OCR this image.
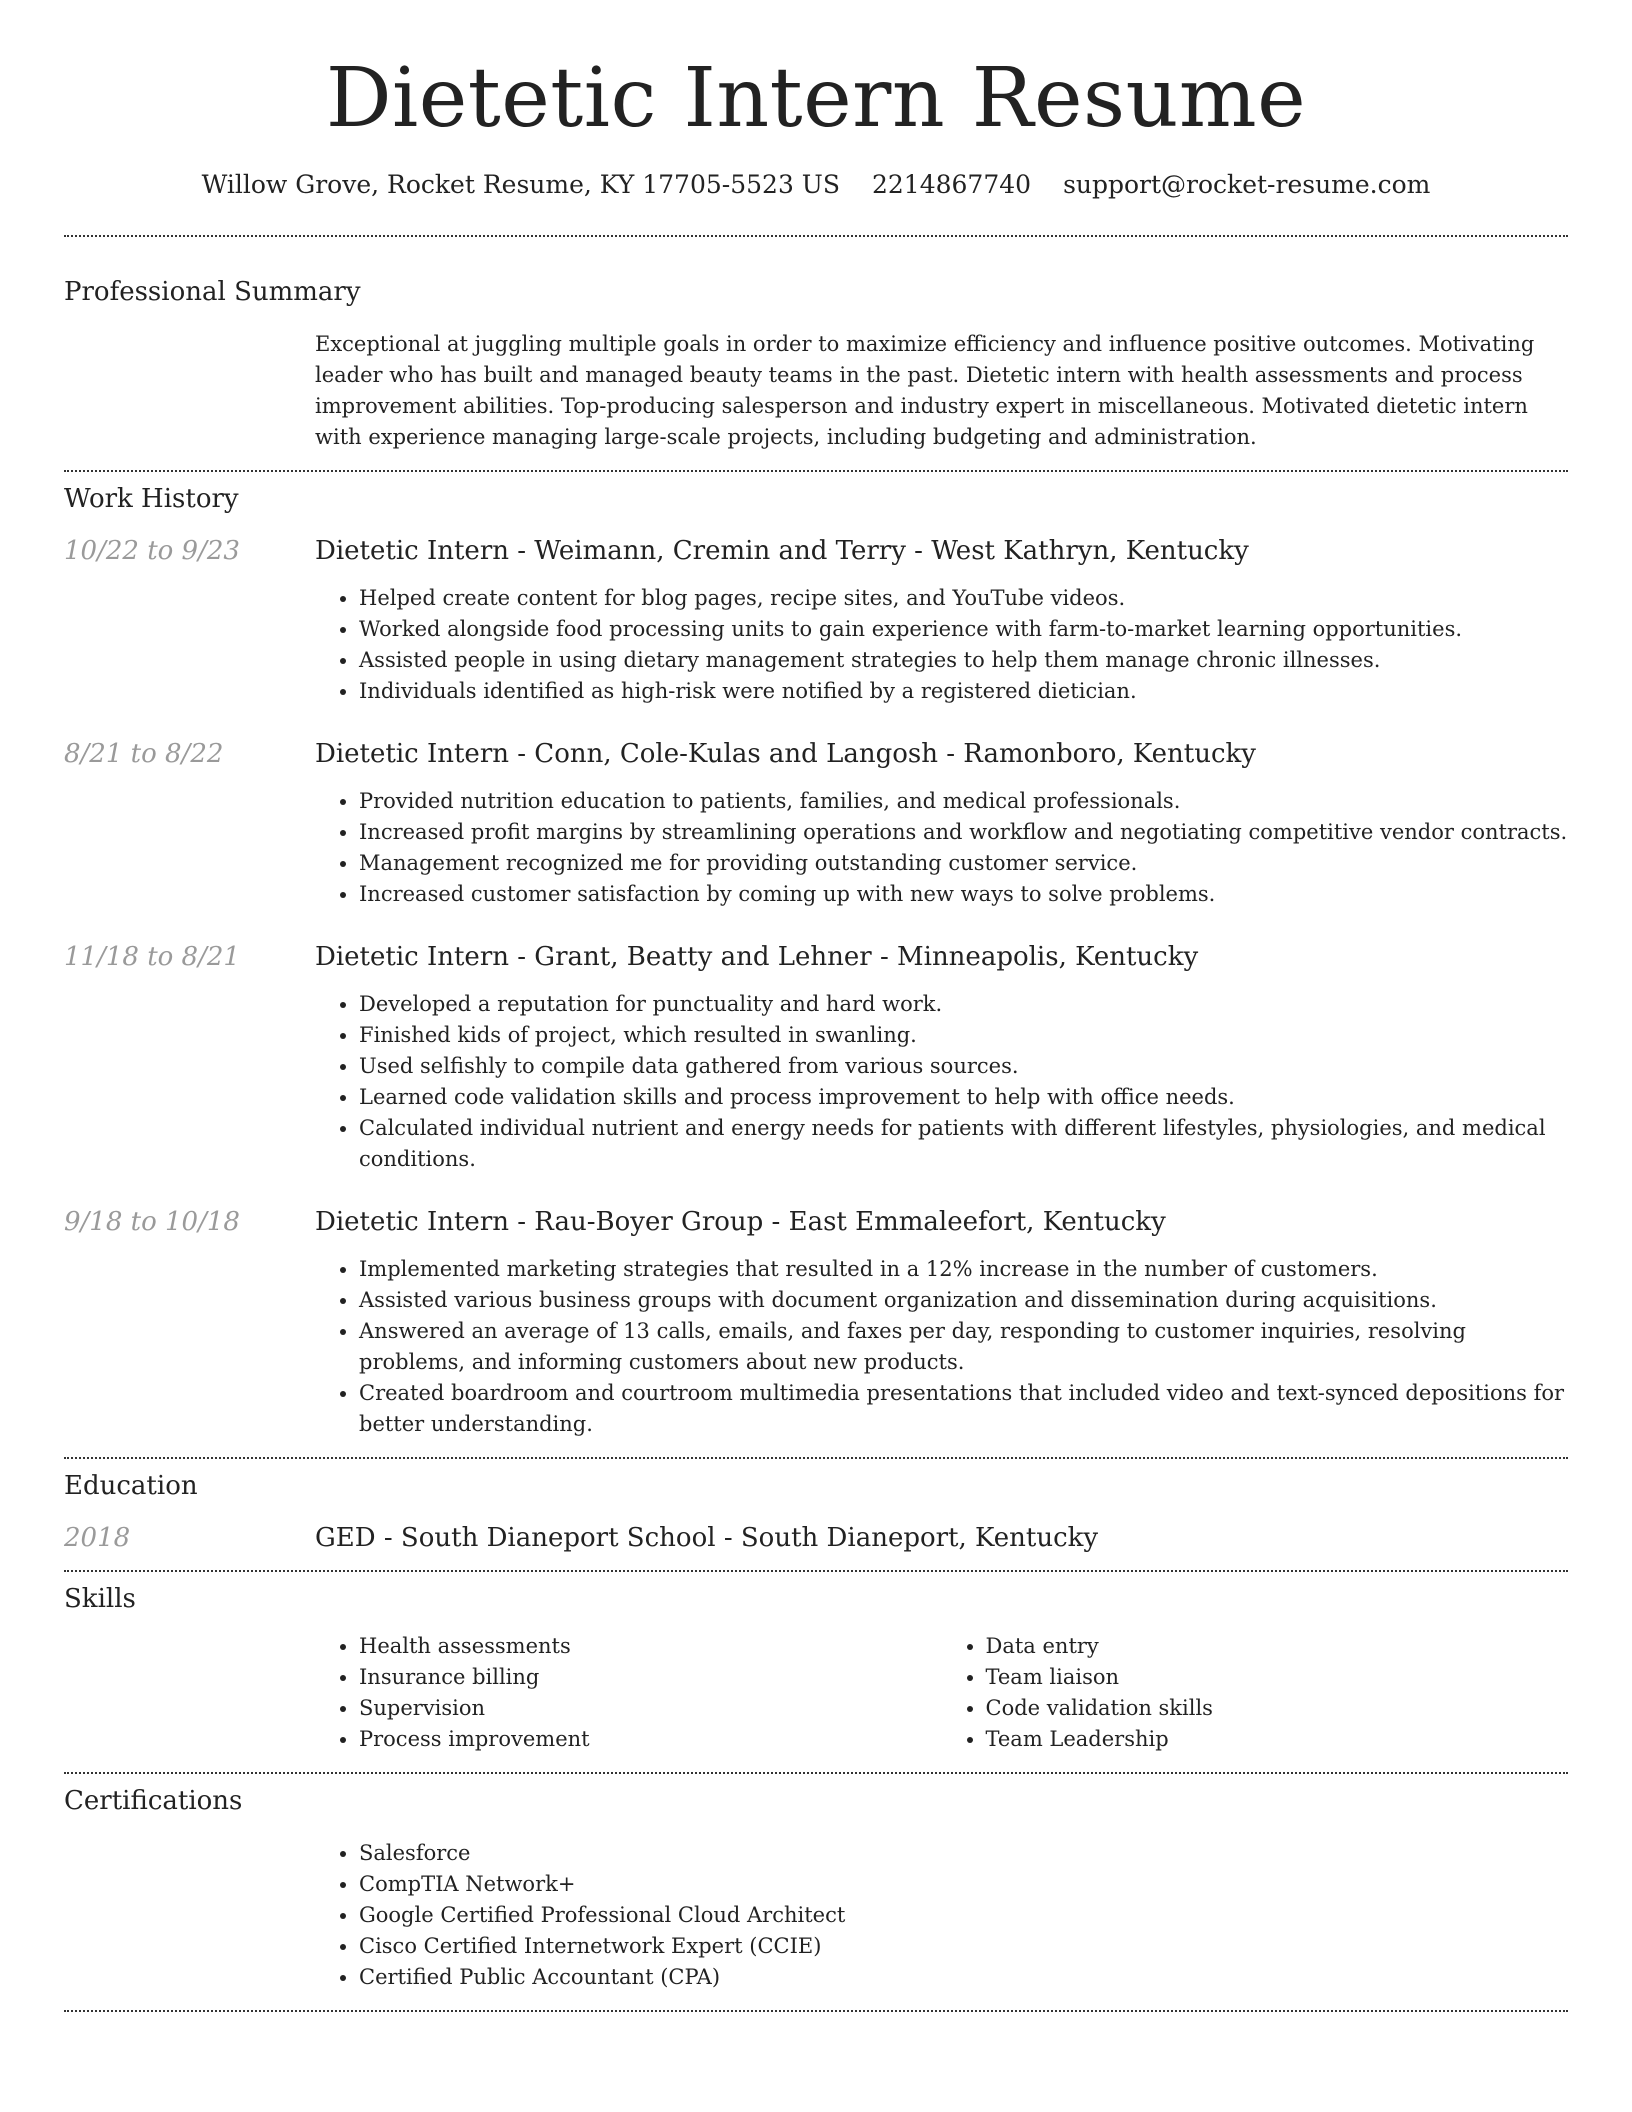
Dietetic Intern Resume
Willow Grove, Rocket Resume, KY 17705-5523 US 2214867740 support@rocket-resume.com
Professional Summary

Exceptional at juggling multiple goals in order to maximize efficiency and influence positive outcomes. Motivating leader who has built and managed beauty teams in the past. Dietetic intern with health assessments and process improvement abilities. Top-producing salesperson and industry expert in miscellaneous. Motivated dietetic intern with experience managing large-scale projects, including budgeting and administration.

Work History
10/22 to 9/23	Dietetic Intern - Weimann, Cremin and Terry - West Kathryn, Kentucky
• Helped create content for blog pages, recipe sites, and YouTube videos.
• Worked alongside food processing units to gain experience with farm-to-market learning opportunities.
• Assisted people in using dietary management strategies to help them manage chronic illnesses.
• Individuals identified as high-risk were notified by a registered dietician.
8/21 to 8/22	Dietetic Intern - Conn, Cole-Kulas and Langosh - Ramonboro, Kentucky
• Provided nutrition education to patients, families, and medical professionals.
• Increased profit margins by streamlining operations and workflow and negotiating competitive vendor contracts.
• Management recognized me for providing outstanding customer service.
• Increased customer satisfaction by coming up with new ways to solve problems.
11/18 to 8/21	Dietetic Intern - Grant, Beatty and Lehner - Minneapolis, Kentucky
• Developed a reputation for punctuality and hard work.
• Finished kids of project, which resulted in swanling.
• Used selfishly to compile data gathered from various sources.
• Learned code validation skills and process improvement to help with office needs.
• Calculated individual nutrient and energy needs for patients with different lifestyles, physiologies, and medical conditions.
9/18 to 10/18	Dietetic Intern - Rau-Boyer Group - East Emmaleefort, Kentucky
• Implemented marketing strategies that resulted in a 12% increase in the number of customers.
• Assisted various business groups with document organization and dissemination during acquisitions.
• Answered an average of 13 calls, emails, and faxes per day, responding to customer inquiries, resolving problems, and informing customers about new products.
• Created boardroom and courtroom multimedia presentations that included video and text-synced depositions for better understanding.
Education
2018	GED - South Dianeport School - South Dianeport, Kentucky
Skills
• Health assessments
• Insurance billing
• Supervision
• Process improvement
• Data entry
• Team liaison
• Code validation skills
• Team Leadership
Certifications
• Salesforce
• CompTIA Network+
• Google Certified Professional Cloud Architect
• Cisco Certified Internetwork Expert (CCIE)
• Certified Public Accountant (CPA)
